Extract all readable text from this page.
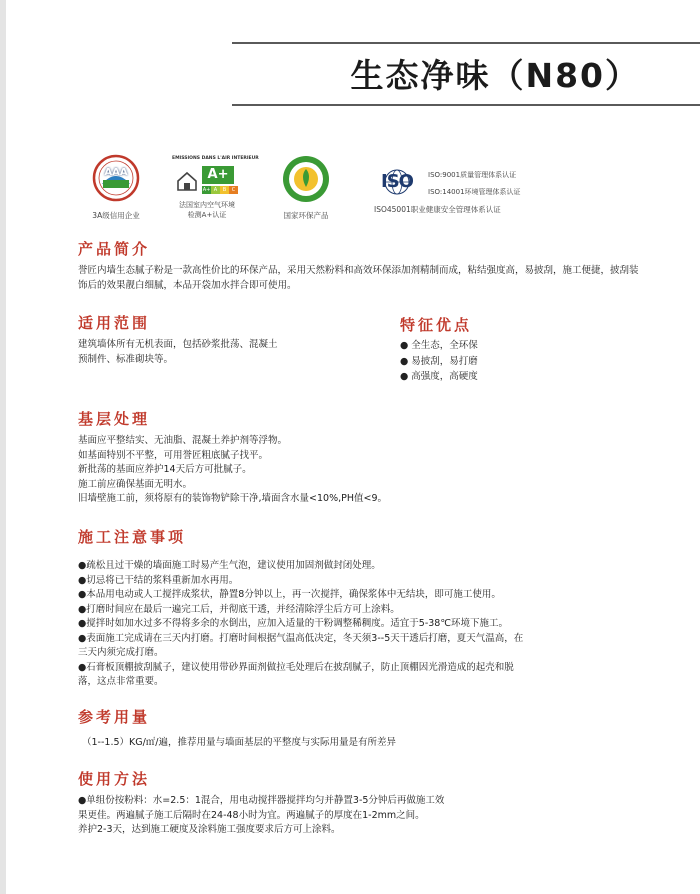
生态净味（N80）
AAA
3A级信用企业
EMISSIONS DANS L'AIR INTERIEUR
A+
A+ A	B	C
法国室内空气环境
检测A+认证	国家环保产品
ISO	ISO:9001质量管理体系认证
ISO:14001环境管理体系认证
ISO45001职业健康安全管理体系认证
产品简介
誉匠内墙生态腻子粉是一款高性价比的环保产品，采用天然粉料和高效环保添加剂精制而成，粘结强度高，易披刮，施工便捷，披刮装饰后的效果靓白细腻，本品开袋加水拌合即可使用。
适用范围

建筑墙体所有无机表面，包括砂浆批荡、混凝土

预制件、标准砌块等。

特征优点

● 全生态，全环保

● 易披刮，易打磨

● 高强度，高硬度

基层处理

基面应平整结实、无油脂、混凝土养护剂等浮物。

如基面特别不平整，可用誉匠粗底腻子找平。

新批荡的基面应养护14天后方可批腻子。

施工前应确保基面无明水。

旧墙壁施工前，须将原有的装饰物铲除干净,墙面含水量<10%,PH值<9。

施工注意事项

●疏松且过干燥的墙面施工时易产生气泡，建议使用加固剂做封闭处理。

●切忌将已干结的浆料重新加水再用。

●本品用电动或人工搅拌成浆状，静置8分钟以上，再一次搅拌，确保浆体中无结块，即可施工使用。

●打磨时间应在最后一遍完工后，并彻底干透，并经清除浮尘后方可上涂料。

●搅拌时如加水过多不得将多余的水倒出，应加入适量的干粉调整稀稠度。适宜于5-38℃环境下施工。

●表面施工完成请在三天内打磨。打磨时间根据气温高低决定，冬天须3--5天干透后打磨，夏天气温高，在

三天内须完成打磨。

●石膏板顶棚披刮腻子，建议使用带砂界面剂做拉毛处理后在披刮腻子，防止顶棚因光滑造成的起壳和脱

落，这点非常重要。

参考用量
（1--1.5）KG/㎡/遍，推荐用量与墙面基层的平整度与实际用量是有所差异
使用方法

●单组份按粉料：水=2.5：1混合，用电动搅拌器搅拌均匀并静置3-5分钟后再做施工效

果更佳。两遍腻子施工后隔时在24-48小时为宜。两遍腻子的厚度在1-2mm之间。

养护2-3天，达到施工硬度及涂料施工强度要求后方可上涂料。
